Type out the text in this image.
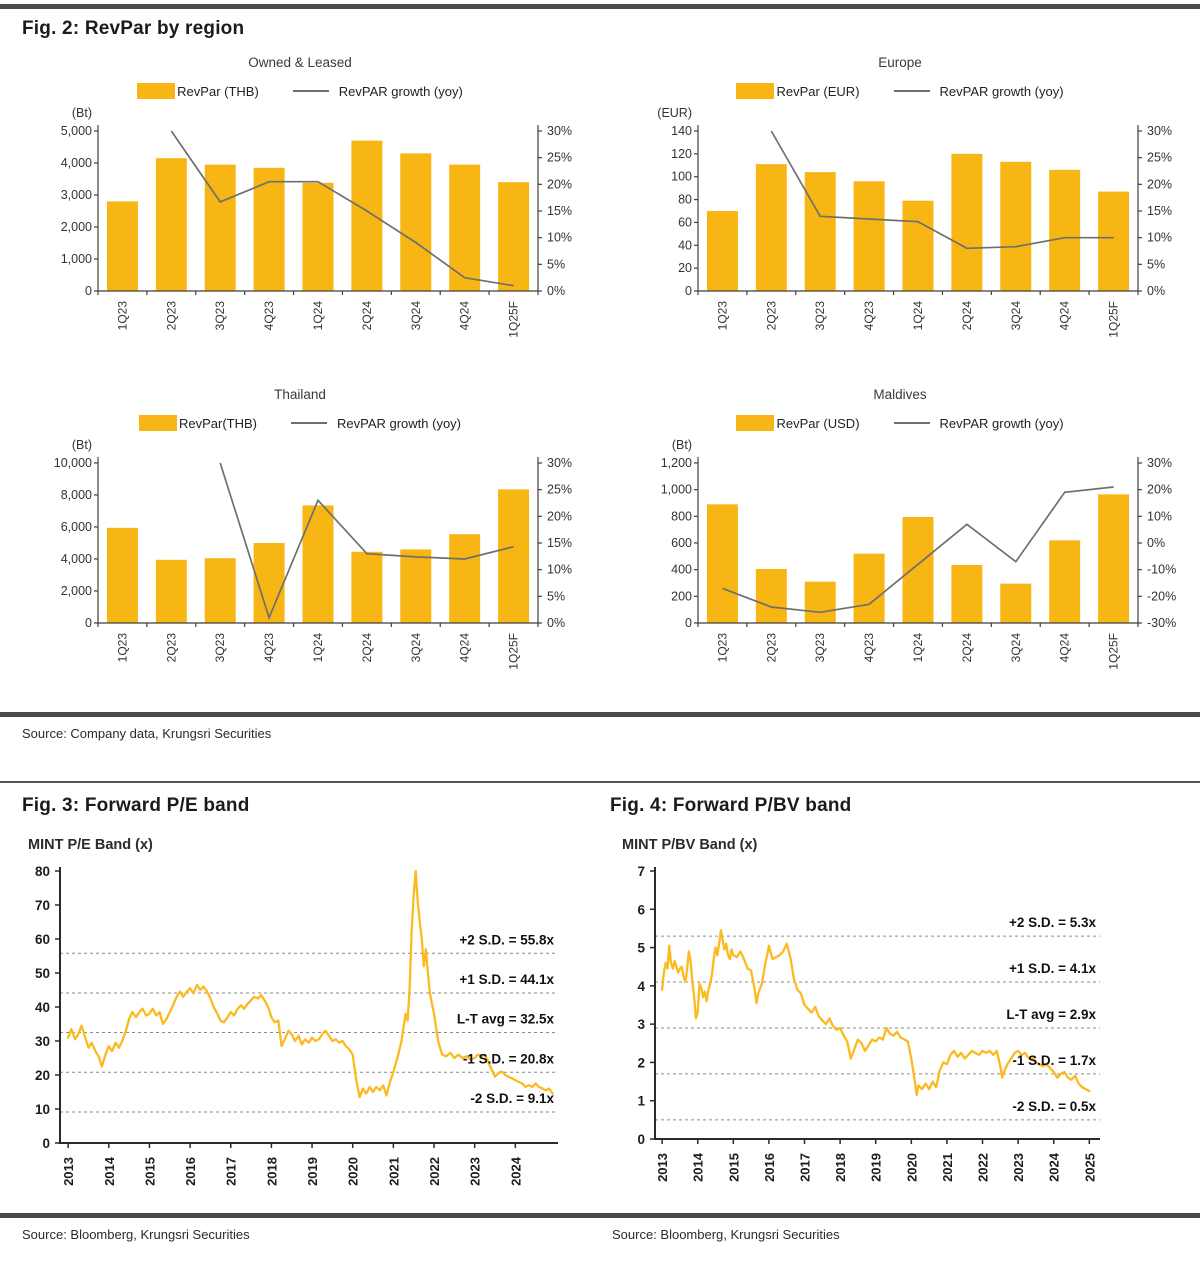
Fig. 2: RevPar by region
Owned & Leased
RevPar (THB)	RevPAR growth (yoy)
(Bt)
0
1,000
2,000
3,000
4,000
5,000
0%
5%
10%
15%
20%
25%
30%
1Q23	2Q23	3Q23	4Q23	1Q24	2Q24	3Q24	4Q24	1Q25F
Europe
RevPar (EUR)	RevPAR growth (yoy)
(EUR)
0
20
40
60
80
100
120
140
0%
5%
10%
15%
20%
25%
30%
1Q23	2Q23	3Q23	4Q23	1Q24	2Q24	3Q24	4Q24	1Q25F
Thailand
RevPar(THB)	RevPAR growth (yoy)
(Bt)
0
2,000
4,000
6,000
8,000
10,000
0%
5%
10%
15%
20%
25%
30%
1Q23	2Q23	3Q23	4Q23	1Q24	2Q24	3Q24	4Q24	1Q25F
Maldives
RevPar (USD)	RevPAR growth (yoy)
(Bt)
0
200
400
600
800
1,000
1,200
-30%
-20%
-10%
0%
10%
20%
30%
1Q23	2Q23	3Q23	4Q23	1Q24	2Q24	3Q24	4Q24	1Q25F
Source: Company data, Krungsri Securities
Fig. 3: Forward P/E band	Fig. 4: Forward P/BV band
MINT P/E Band (x)	MINT P/BV Band (x)
0
10
20
30
40
50
60
70
80
2013 2014 2015 2016 2017 2018 2019 2020 2021 2022 2023 2024
+2 S.D. = 55.8x
+1 S.D. = 44.1x
L-T avg = 32.5x
-1 S.D. = 20.8x
-2 S.D. = 9.1x
0
1
2
3
4
5
6
7
2013 2014 2015 2016 2017 2018 2019 2020 2021 2022 2023 2024 2025
+2 S.D. = 5.3x
+1 S.D. = 4.1x
L-T avg = 2.9x
-1 S.D. = 1.7x
-2 S.D. = 0.5x
Source: Bloomberg, Krungsri Securities	Source: Bloomberg, Krungsri Securities
